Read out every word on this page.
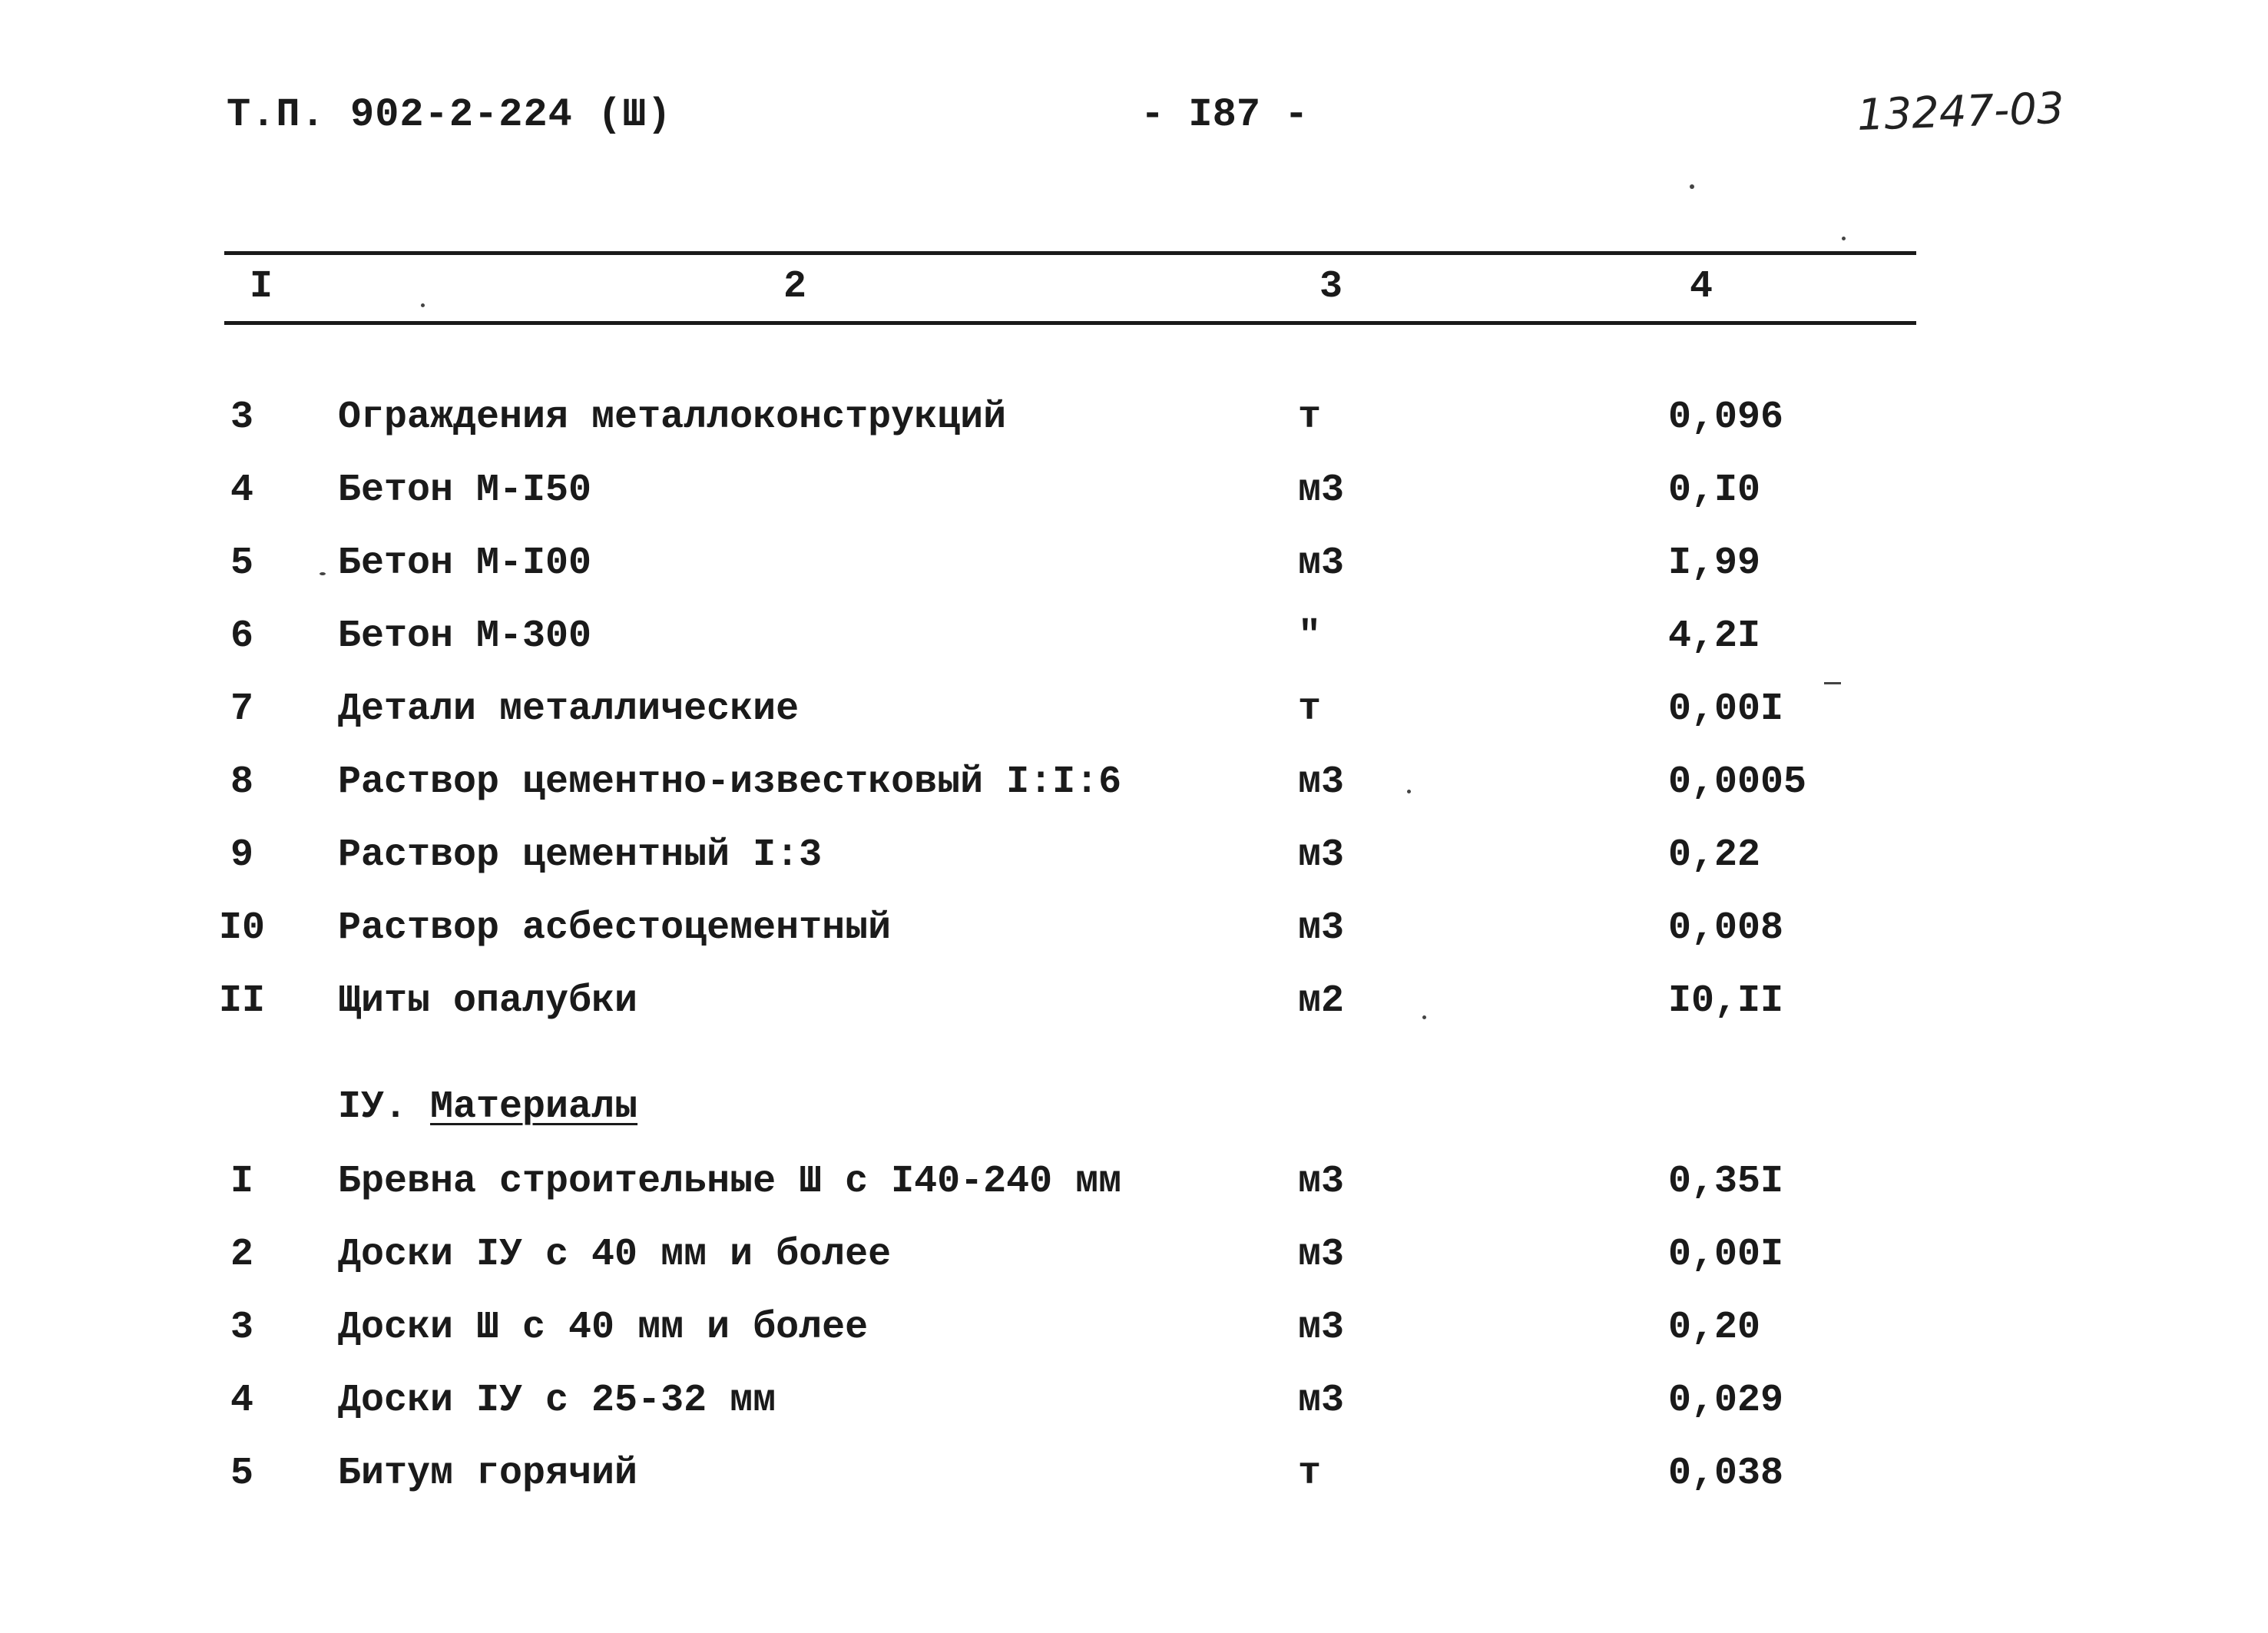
Т.П. 902-2-224 (Ш)	- I87 -	13247-03
I	2	3	4
3	Ограждения металлоконструкций	т	0,096
4	Бетон М-I50	м3	0,I0
5	Бетон М-I00	м3	I,99
6	Бетон М-300	"	4,2I
7	Детали металлические	т	0,00I
8	Раствор цементно-известковый I:I:6	м3	0,0005
9	Раствор цементный I:3	м3	0,22
I0	Раствор асбестоцементный	м3	0,008
II	Щиты опалубки	м2	I0,II
IУ. Материалы
I	Бревна строительные Ш с I40-240 мм	м3	0,35I
2	Доски IУ с 40 мм и более	м3	0,00I
3	Доски Ш с 40 мм и более	м3	0,20
4	Доски IУ с 25-32 мм	м3	0,029
5	Битум горячий	т	0,038
